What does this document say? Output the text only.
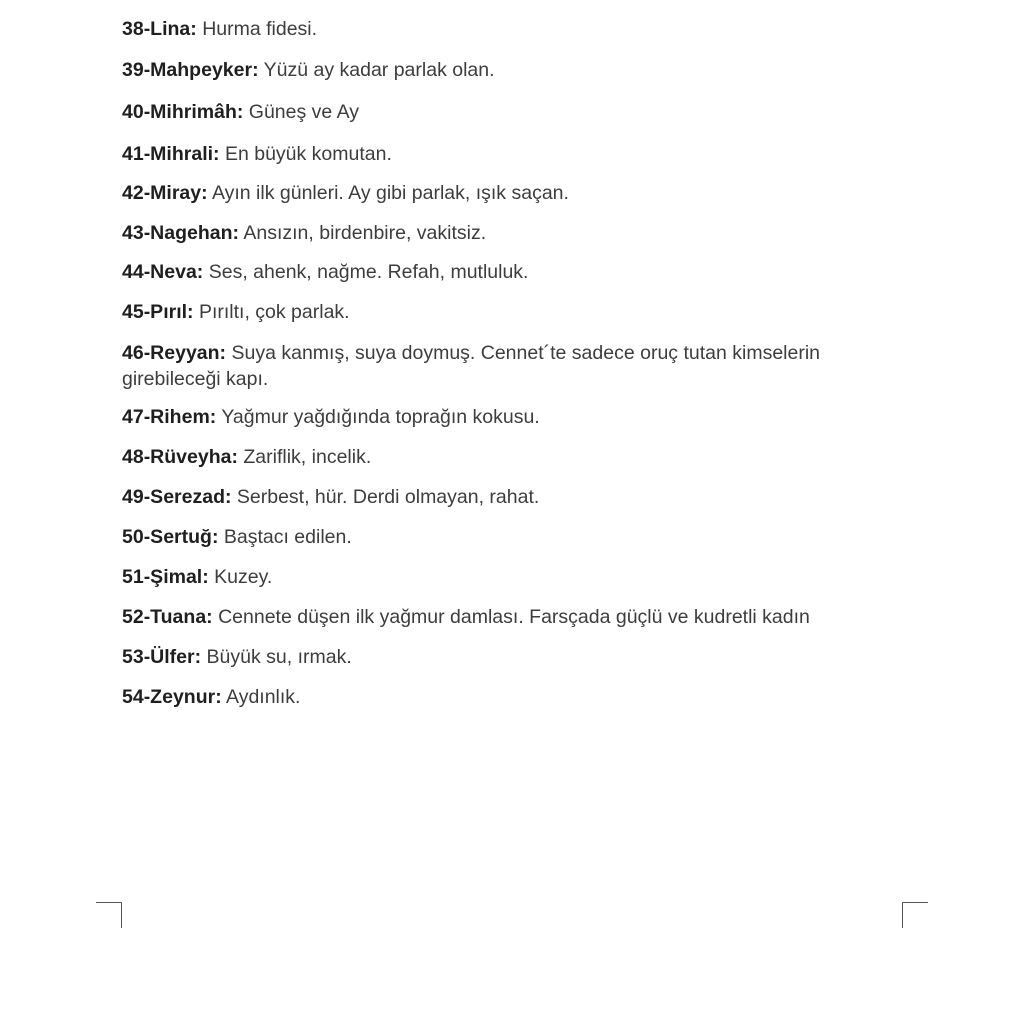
38-Lina: Hurma fidesi.
39-Mahpeyker: Yüzü ay kadar parlak olan.
40-Mihrimâh: Güneş ve Ay
41-Mihrali: En büyük komutan.
42-Miray: Ayın ilk günleri. Ay gibi parlak, ışık saçan.
43-Nagehan: Ansızın, birdenbire, vakitsiz.
44-Neva: Ses, ahenk, nağme. Refah, mutluluk.
45-Pırıl: Pırıltı, çok parlak.
46-Reyyan: Suya kanmış, suya doymuş. Cennet´te sadece oruç tutan kimselerin girebileceği kapı.
47-Rihem: Yağmur yağdığında toprağın kokusu.
48-Rüveyha: Zariflik, incelik.
49-Serezad: Serbest, hür. Derdi olmayan, rahat.
50-Sertuğ: Baştacı edilen.
51-Şimal: Kuzey.
52-Tuana: Cennete düşen ilk yağmur damlası. Farsçada güçlü ve kudretli kadın
53-Ülfer: Büyük su, ırmak.
54-Zeynur: Aydınlık.
